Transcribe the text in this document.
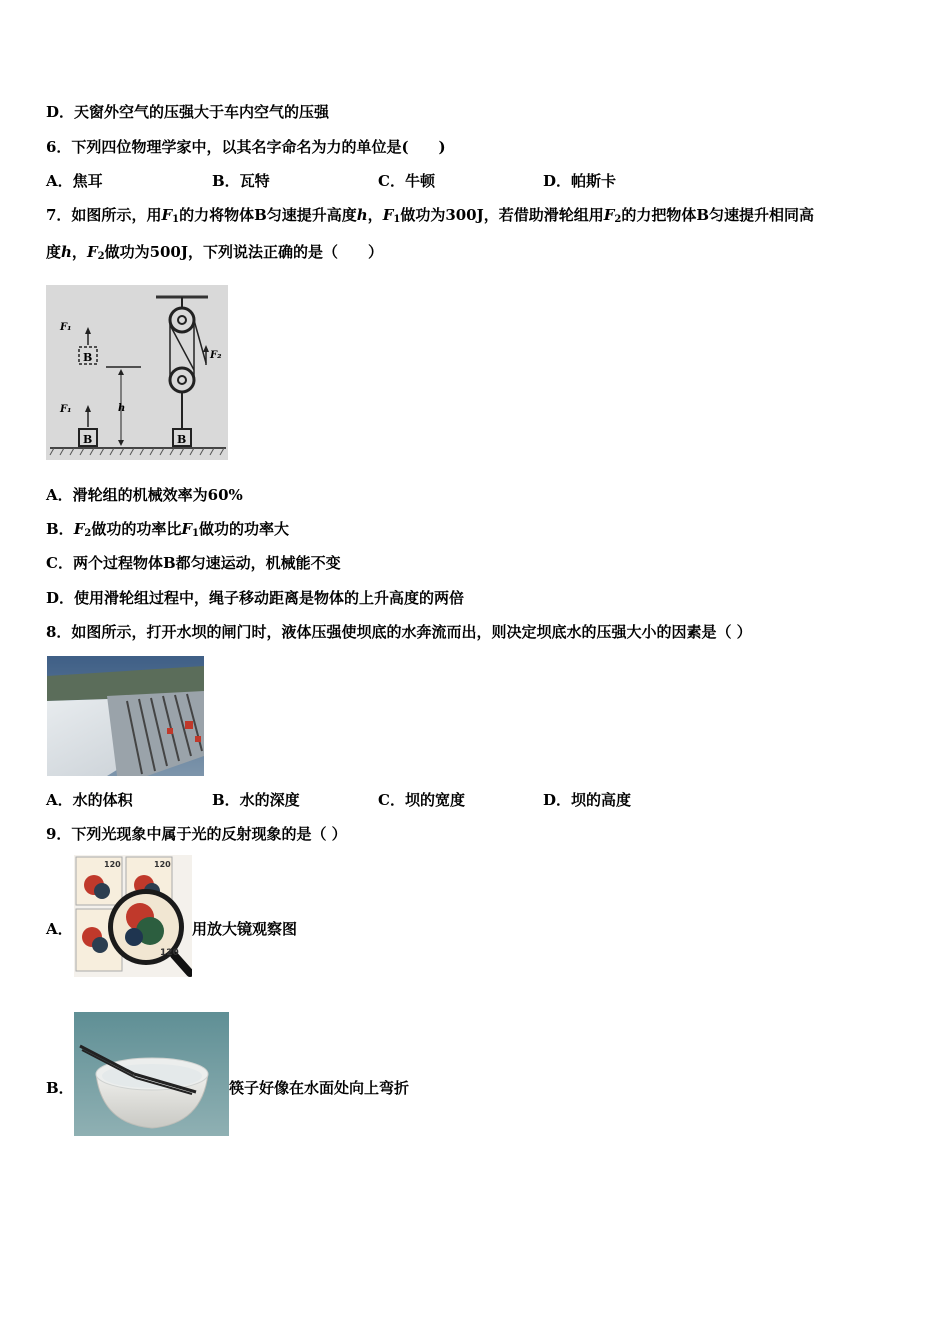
D．天窗外空气的压强大于车内空气的压强
6．下列四位物理学家中，以其名字命名为力的单位是(　　)
A．焦耳	B．瓦特	C．牛顿	D．帕斯卡
7．如图所示，用$F_1$的力将物体B匀速提升高度h，$F_1$做功为300J，若借助滑轮组用$F_2$的力把物体B匀速提升相同高
度h，$F_2$做功为500J，下列说法正确的是（　　）
B
F₁
B
F₁
h
F₂
B
A．滑轮组的机械效率为60%
B．$F_2$做功的功率比$F_1$做功的功率大
C．两个过程物体B都匀速运动，机械能不变
D．使用滑轮组过程中，绳子移动距离是物体的上升高度的两倍
8．如图所示，打开水坝的闸门时，液体压强使坝底的水奔流而出，则决定坝底水的压强大小的因素是（ ）
A．水的体积	B．水的深度	C．坝的宽度	D．坝的高度
9．下列光现象中属于光的反射现象的是（ ）
A．
120	120
120
用放大镜观察图
B．	筷子好像在水面处向上弯折
